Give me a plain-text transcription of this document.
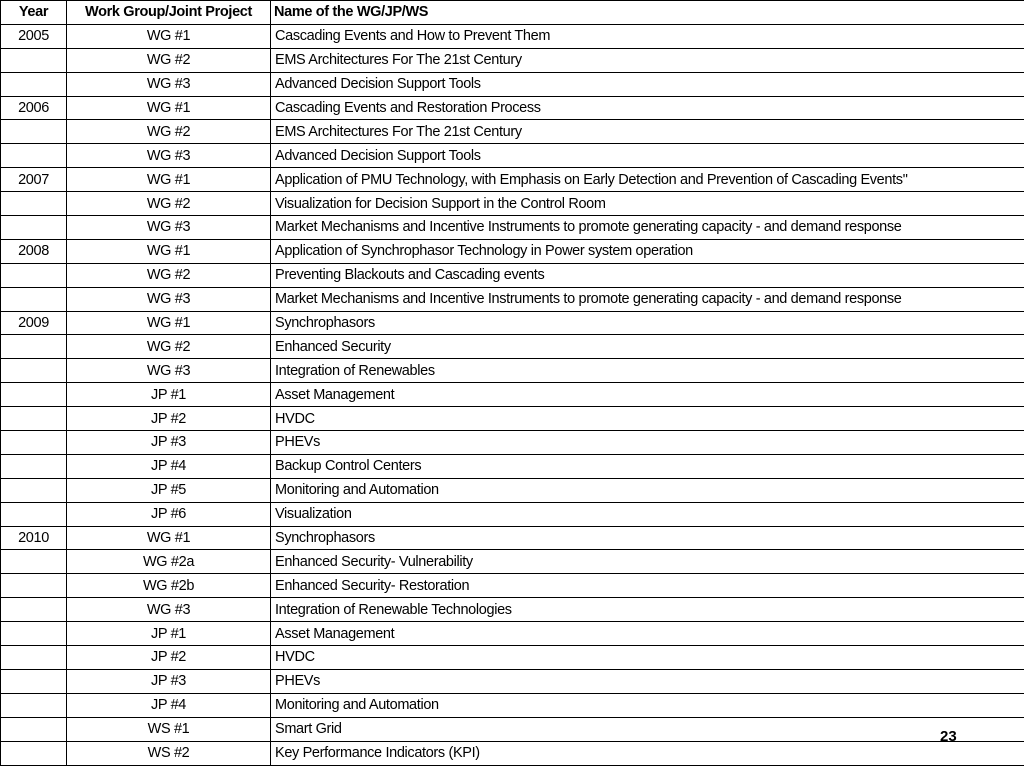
Year	Work Group/Joint Project	Name of the WG/JP/WS
2005	WG #1	Cascading Events and How to Prevent Them
	WG #2	EMS Architectures For The 21st Century
	WG #3	Advanced Decision Support Tools
2006	WG #1	Cascading Events and Restoration Process
	WG #2	EMS Architectures For The 21st Century
	WG #3	Advanced Decision Support Tools
2007	WG #1	Application of PMU Technology, with Emphasis on Early Detection and Prevention of Cascading Events"
	WG #2	Visualization for Decision Support in the Control Room
	WG #3	Market Mechanisms and Incentive Instruments to promote generating capacity - and demand response
2008	WG #1	Application of Synchrophasor Technology in Power system operation
	WG #2	Preventing Blackouts and Cascading events
	WG #3	Market Mechanisms and Incentive Instruments to promote generating capacity - and demand response
2009	WG #1	Synchrophasors
	WG #2	Enhanced Security
	WG #3	Integration of Renewables
	JP #1	Asset Management
	JP #2	HVDC
	JP #3	PHEVs
	JP #4	Backup Control Centers
	JP #5	Monitoring and Automation
	JP #6	Visualization
2010	WG #1	Synchrophasors
	WG #2a	Enhanced Security- Vulnerability
	WG #2b	Enhanced Security- Restoration
	WG #3	Integration of Renewable Technologies
	JP #1	Asset Management
	JP #2	HVDC
	JP #3	PHEVs
	JP #4	Monitoring and Automation
	WS #1	Smart Grid
	WS #2	Key Performance Indicators (KPI)
23
